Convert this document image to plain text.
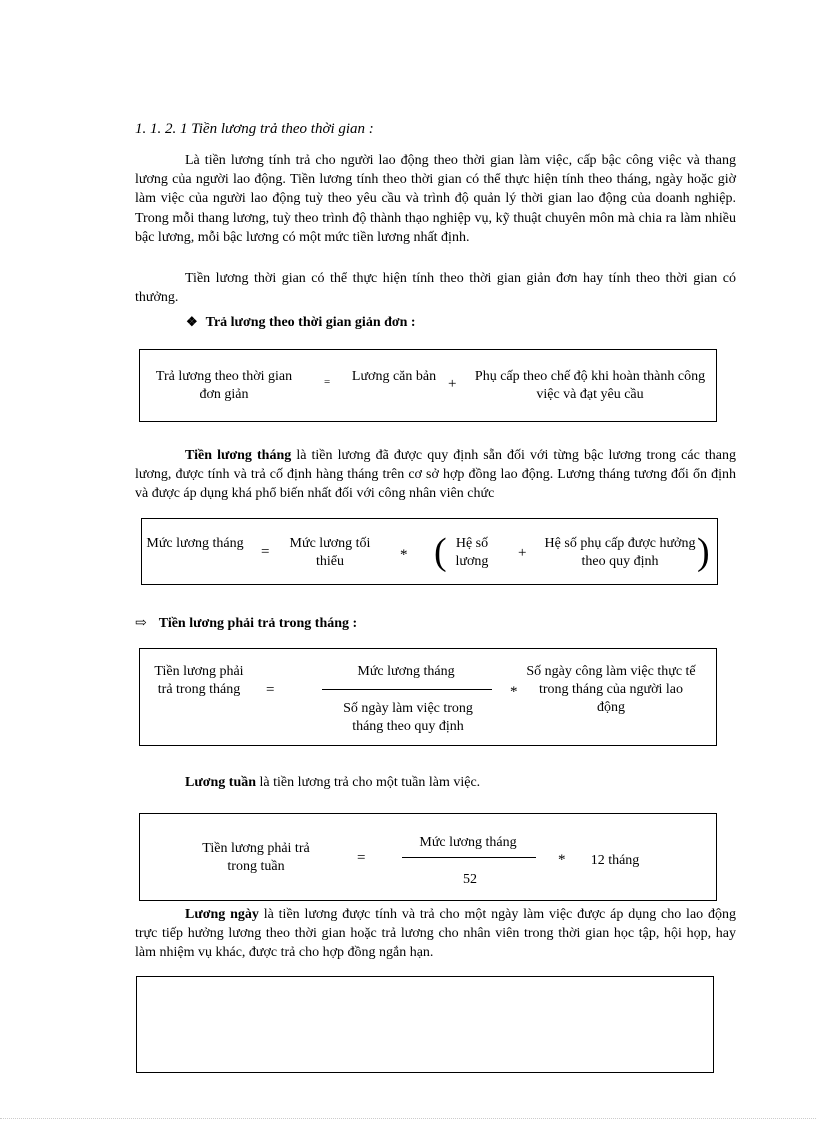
1. 1. 2. 1 Tiền lương trả theo thời gian :

Là tiền lương tính trả cho người lao động theo thời gian làm việc, cấp bậc công việc và thang lương của người lao động. Tiền lương tính theo thời gian có thể thực hiện tính theo tháng, ngày hoặc giờ làm việc của người lao động tuỳ theo yêu cầu và trình độ quản lý thời gian lao động của doanh nghiệp. Trong mỗi thang lương, tuỳ theo trình độ thành thạo nghiệp vụ, kỹ thuật chuyên môn mà chia ra làm nhiều bậc lương, mỗi bậc lương có một mức tiền lương nhất định.

Tiền lương thời gian có thể thực hiện tính theo thời gian giản đơn hay tính theo thời gian có thưởng.

❖ Trả lương theo thời gian giản đơn :
Trả lương theo thời gian đơn giản
= Lương căn bản + Phụ cấp theo chế độ khi hoàn thành công việc và đạt yêu cầu

Tiền lương tháng là tiền lương đã được quy định sẵn đối với từng bậc lương trong các thang lương, được tính và trả cố định hàng tháng trên cơ sở hợp đồng lao động. Lương tháng tương đối ổn định và được áp dụng khá phổ biến nhất đối với công nhân viên chức

Mức lương tháng
=
Mức lương tối thiểu	* ( Hệ số lương
+
Hệ số phụ cấp được hưởng theo quy định	)
⇨ Tiền lương phải trả trong tháng :
Tiền lương phải trả trong tháng	=
Mức lương tháng
Số ngày làm việc trong tháng theo quy định
*
Số ngày công làm việc thực tế trong tháng của người lao động

Lương tuần là tiền lương trả cho một tuần làm việc.

Tiền lương phải trả trong tuần
=
Mức lương tháng
52
*	12 tháng

Lương ngày là tiền lương được tính và trả cho một ngày làm việc được áp dụng cho lao động trực tiếp hưởng lương theo thời gian hoặc trả lương cho nhân viên trong thời gian học tập, hội họp, hay làm nhiệm vụ khác, được trả cho hợp đồng ngắn hạn.
